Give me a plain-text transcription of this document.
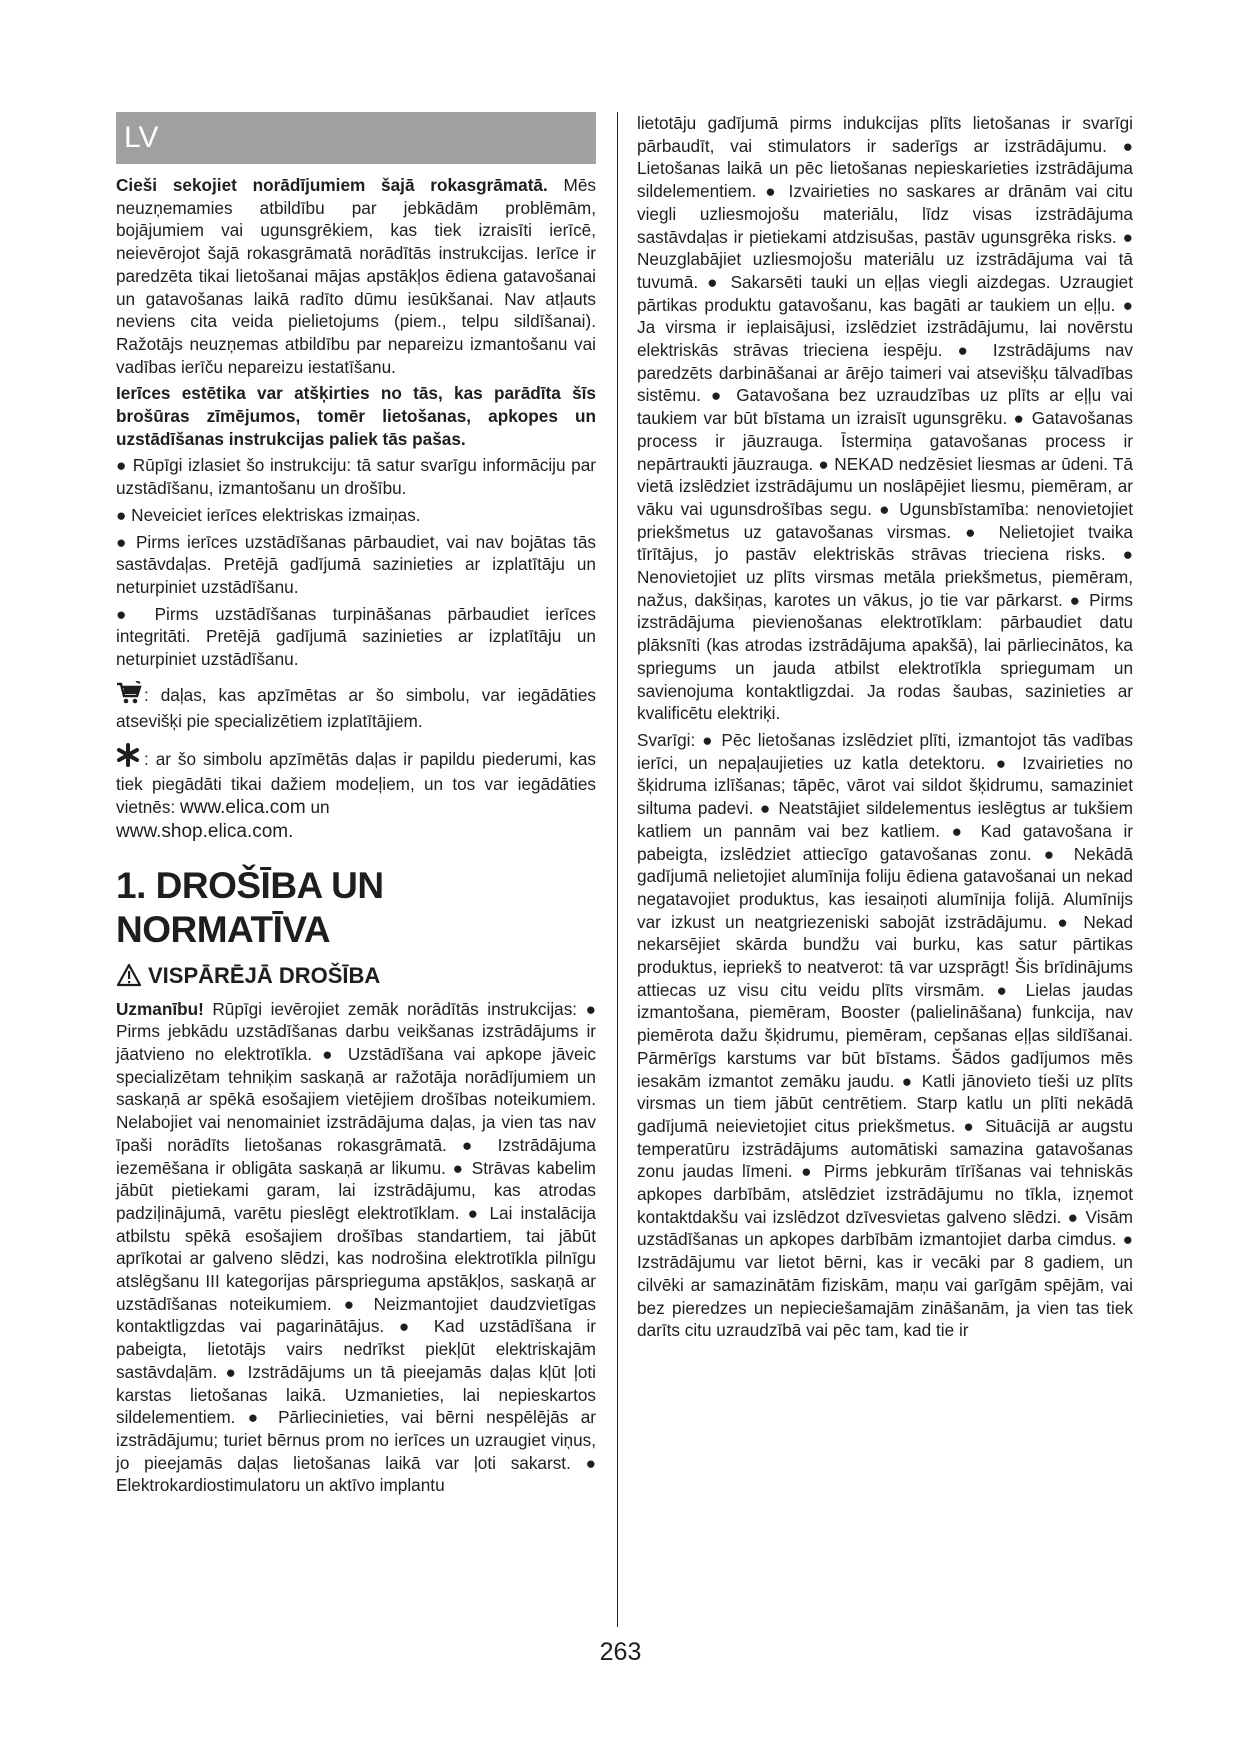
LV

Cieši sekojiet norādījumiem šajā rokasgrāmatā. Mēs neuzņemamies atbildību par jebkādām problēmām, bojājumiem vai ugunsgrēkiem, kas tiek izraisīti ierīcē, neievērojot šajā rokasgrāmatā norādītās instrukcijas. Ierīce ir paredzēta tikai lietošanai mājas apstākļos ēdiena gatavošanai un gatavošanas laikā radīto dūmu iesūkšanai. Nav atļauts neviens cita veida pielietojums (piem., telpu sildīšanai). Ražotājs neuzņemas atbildību par nepareizu izmantošanu vai vadības ierīču nepareizu iestatīšanu.

Ierīces estētika var atšķirties no tās, kas parādīta šīs brošūras zīmējumos, tomēr lietošanas, apkopes un uzstādīšanas instrukcijas paliek tās pašas.

● Rūpīgi izlasiet šo instrukciju: tā satur svarīgu informāciju par uzstādīšanu, izmantošanu un drošību.

● Neveiciet ierīces elektriskas izmaiņas.

● Pirms ierīces uzstādīšanas pārbaudiet, vai nav bojātas tās sastāvdaļas. Pretējā gadījumā sazinieties ar izplatītāju un neturpiniet uzstādīšanu.

● Pirms uzstādīšanas turpināšanas pārbaudiet ierīces integritāti. Pretējā gadījumā sazinieties ar izplatītāju un neturpiniet uzstādīšanu.

: daļas, kas apzīmētas ar šo simbolu, var iegādāties atsevišķi pie specializētiem izplatītājiem.

: ar šo simbolu apzīmētās daļas ir papildu piederumi, kas tiek piegādāti tikai dažiem modeļiem, un tos var iegādāties vietnēs: www.elica.com un
www.shop.elica.com.

1. DROŠĪBA UN NORMATĪVA
VISPĀRĒJĀ DROŠĪBA

Uzmanību! Rūpīgi ievērojiet zemāk norādītās instrukcijas: ● Pirms jebkādu uzstādīšanas darbu veikšanas izstrādājums ir jāatvieno no elektrotīkla. ● Uzstādīšana vai apkope jāveic specializētam tehniķim saskaņā ar ražotāja norādījumiem un saskaņā ar spēkā esošajiem vietējiem drošības noteikumiem. Nelabojiet vai nenomainiet izstrādājuma daļas, ja vien tas nav īpaši norādīts lietošanas rokasgrāmatā. ● Izstrādājuma iezemēšana ir obligāta saskaņā ar likumu. ● Strāvas kabelim jābūt pietiekami garam, lai izstrādājumu, kas atrodas padziļinājumā, varētu pieslēgt elektrotīklam. ● Lai instalācija atbilstu spēkā esošajiem drošības standartiem, tai jābūt aprīkotai ar galveno slēdzi, kas nodrošina elektrotīkla pilnīgu atslēgšanu III kategorijas pārsprieguma apstākļos, saskaņā ar uzstādīšanas noteikumiem. ● Neizmantojiet daudzvietīgas kontaktligzdas vai pagarinātājus. ● Kad uzstādīšana ir pabeigta, lietotājs vairs nedrīkst piekļūt elektriskajām sastāvdaļām. ● Izstrādājums un tā pieejamās daļas kļūt ļoti karstas lietošanas laikā. Uzmanieties, lai nepieskartos sildelementiem. ● Pārliecinieties, vai bērni nespēlējās ar izstrādājumu; turiet bērnus prom no ierīces un uzraugiet viņus, jo pieejamās daļas lietošanas laikā var ļoti sakarst. ● Elektrokardiostimulatoru un aktīvo implantu

lietotāju gadījumā pirms indukcijas plīts lietošanas ir svarīgi pārbaudīt, vai stimulators ir saderīgs ar izstrādājumu. ● Lietošanas laikā un pēc lietošanas nepieskarieties izstrādājuma sildelementiem. ● Izvairieties no saskares ar drānām vai citu viegli uzliesmojošu materiālu, līdz visas izstrādājuma sastāvdaļas ir pietiekami atdzisušas, pastāv ugunsgrēka risks. ● Neuzglabājiet uzliesmojošu materiālu uz izstrādājuma vai tā tuvumā. ● Sakarsēti tauki un eļļas viegli aizdegas. Uzraugiet pārtikas produktu gatavošanu, kas bagāti ar taukiem un eļļu. ● Ja virsma ir ieplaisājusi, izslēdziet izstrādājumu, lai novērstu elektriskās strāvas trieciena iespēju. ● Izstrādājums nav paredzēts darbināšanai ar ārējo taimeri vai atsevišķu tālvadības sistēmu. ● Gatavošana bez uzraudzības uz plīts ar eļļu vai taukiem var būt bīstama un izraisīt ugunsgrēku. ● Gatavošanas process ir jāuzrauga. Īstermiņa gatavošanas process ir nepārtraukti jāuzrauga. ● NEKAD nedzēsiet liesmas ar ūdeni. Tā vietā izslēdziet izstrādājumu un noslāpējiet liesmu, piemēram, ar vāku vai ugunsdrošības segu. ● Ugunsbīstamība: nenovietojiet priekšmetus uz gatavošanas virsmas. ● Nelietojiet tvaika tīrītājus, jo pastāv elektriskās strāvas trieciena risks. ● Nenovietojiet uz plīts virsmas metāla priekšmetus, piemēram, nažus, dakšiņas, karotes un vākus, jo tie var pārkarst. ● Pirms izstrādājuma pievienošanas elektrotīklam: pārbaudiet datu plāksnīti (kas atrodas izstrādājuma apakšā), lai pārliecinātos, ka spriegums un jauda atbilst elektrotīkla spriegumam un savienojuma kontaktligzdai. Ja rodas šaubas, sazinieties ar kvalificētu elektriķi.

Svarīgi: ● Pēc lietošanas izslēdziet plīti, izmantojot tās vadības ierīci, un nepaļaujieties uz katla detektoru. ● Izvairieties no šķidruma izlīšanas; tāpēc, vārot vai sildot šķidrumu, samaziniet siltuma padevi. ● Neatstājiet sildelementus ieslēgtus ar tukšiem katliem un pannām vai bez katliem. ● Kad gatavošana ir pabeigta, izslēdziet attiecīgo gatavošanas zonu. ● Nekādā gadījumā nelietojiet alumīnija foliju ēdiena gatavošanai un nekad negatavojiet produktus, kas iesaiņoti alumīnija folijā. Alumīnijs var izkust un neatgriezeniski sabojāt izstrādājumu. ● Nekad nekarsējiet skārda bundžu vai burku, kas satur pārtikas produktus, iepriekš to neatverot: tā var uzsprāgt! Šis brīdinājums attiecas uz visu citu veidu plīts virsmām. ● Lielas jaudas izmantošana, piemēram, Booster (palielināšana) funkcija, nav piemērota dažu šķidrumu, piemēram, cepšanas eļļas sildīšanai. Pārmērīgs karstums var būt bīstams. Šādos gadījumos mēs iesakām izmantot zemāku jaudu. ● Katli jānovieto tieši uz plīts virsmas un tiem jābūt centrētiem. Starp katlu un plīti nekādā gadījumā neievietojiet citus priekšmetus. ● Situācijā ar augstu temperatūru izstrādājums automātiski samazina gatavošanas zonu jaudas līmeni. ● Pirms jebkurām tīrīšanas vai tehniskās apkopes darbībām, atslēdziet izstrādājumu no tīkla, izņemot kontaktdakšu vai izslēdzot dzīvesvietas galveno slēdzi. ● Visām uzstādīšanas un apkopes darbībām izmantojiet darba cimdus. ● Izstrādājumu var lietot bērni, kas ir vecāki par 8 gadiem, un cilvēki ar samazinātām fiziskām, maņu vai garīgām spējām, vai bez pieredzes un nepieciešamajām zināšanām, ja vien tas tiek darīts citu uzraudzībā vai pēc tam, kad tie ir

263
